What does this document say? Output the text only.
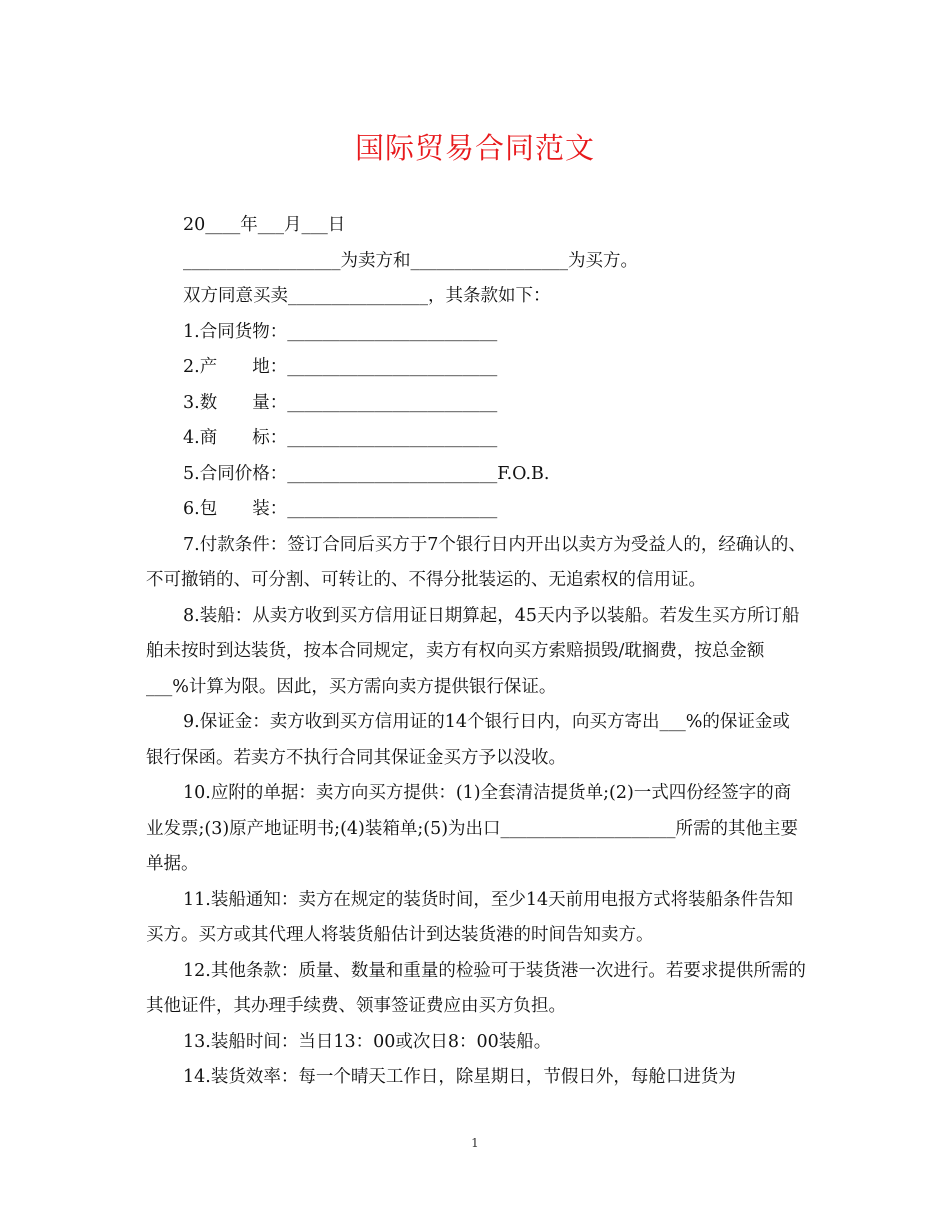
国际贸易合同范文
20____年___月___日
__________________为卖方和__________________为买方。
双方同意买卖________________，其条款如下：
1.合同货物：________________________
2.产　　地：________________________
3.数　　量：________________________
4.商　　标：________________________
5.合同价格：________________________F.O.B.
6.包　　装：________________________
7.付款条件：签订合同后买方于7个银行日内开出以卖方为受益人的，经确认的、不可撤销的、可分割、可转让的、不得分批装运的、无追索权的信用证。
8.装船：从卖方收到买方信用证日期算起，45天内予以装船。若发生买方所订船舶未按时到达装货，按本合同规定，卖方有权向买方索赔损毁/耽搁费，按总金额___%计算为限。因此，买方需向卖方提供银行保证。
9.保证金：卖方收到买方信用证的14个银行日内，向买方寄出___%的保证金或银行保函。若卖方不执行合同其保证金买方予以没收。
10.应附的单据：卖方向买方提供：(1)全套清洁提货单;(2)一式四份经签字的商业发票;(3)原产地证明书;(4)装箱单;(5)为出口____________________所需的其他主要单据。
11.装船通知：卖方在规定的装货时间，至少14天前用电报方式将装船条件告知买方。买方或其代理人将装货船估计到达装货港的时间告知卖方。
12.其他条款：质量、数量和重量的检验可于装货港一次进行。若要求提供所需的其他证件，其办理手续费、领事签证费应由买方负担。
13.装船时间：当日13：00或次日8：00装船。
14.装货效率：每一个晴天工作日，除星期日，节假日外，每舱口进货为
1
